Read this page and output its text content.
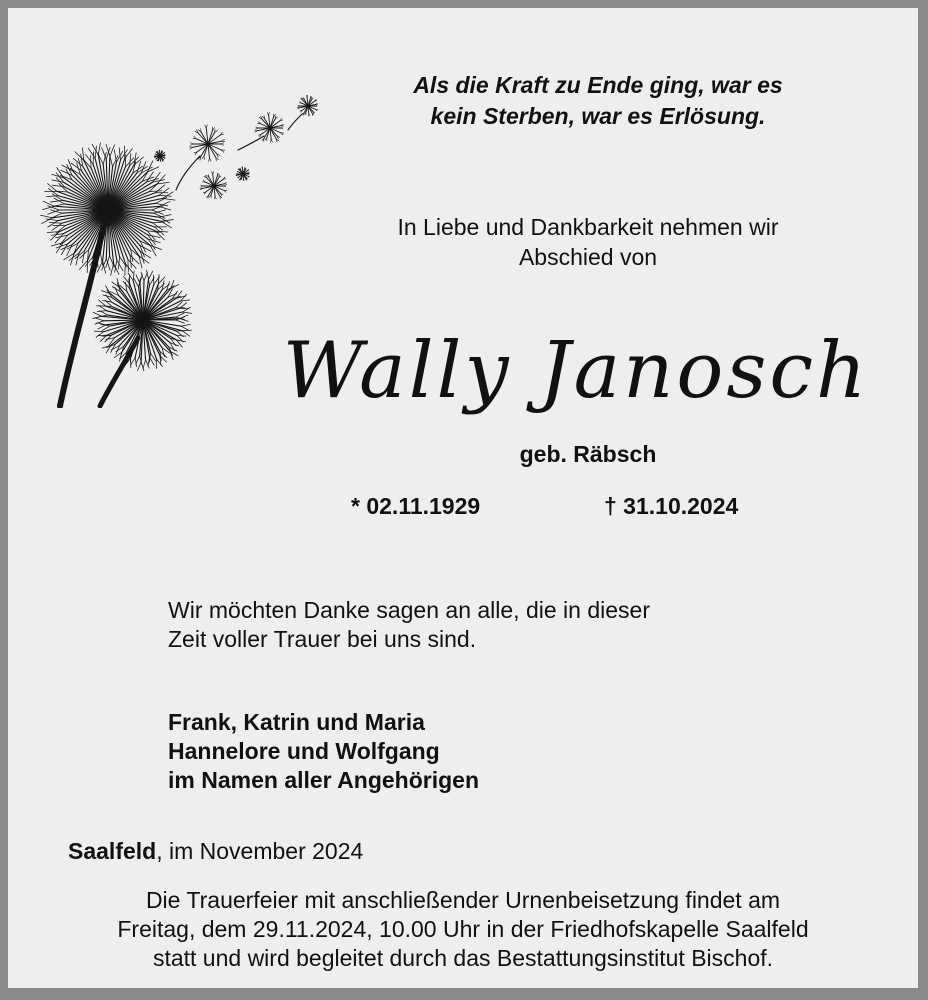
Als die Kraft zu Ende ging, war es
kein Sterben, war es Erlösung.

In Liebe und Dankbarkeit nehmen wir
Abschied von

Wally Janosch

geb. Räbsch

* 02.11.1929	† 31.10.2024

Wir möchten Danke sagen an alle, die in dieser
Zeit voller Trauer bei uns sind.

Frank, Katrin und Maria
Hannelore und Wolfgang
im Namen aller Angehörigen

Saalfeld, im November 2024

Die Trauerfeier mit anschließender Urnenbeisetzung findet am
Freitag, dem 29.11.2024, 10.00 Uhr in der Friedhofskapelle Saalfeld
statt und wird begleitet durch das Bestattungsinstitut Bischof.
